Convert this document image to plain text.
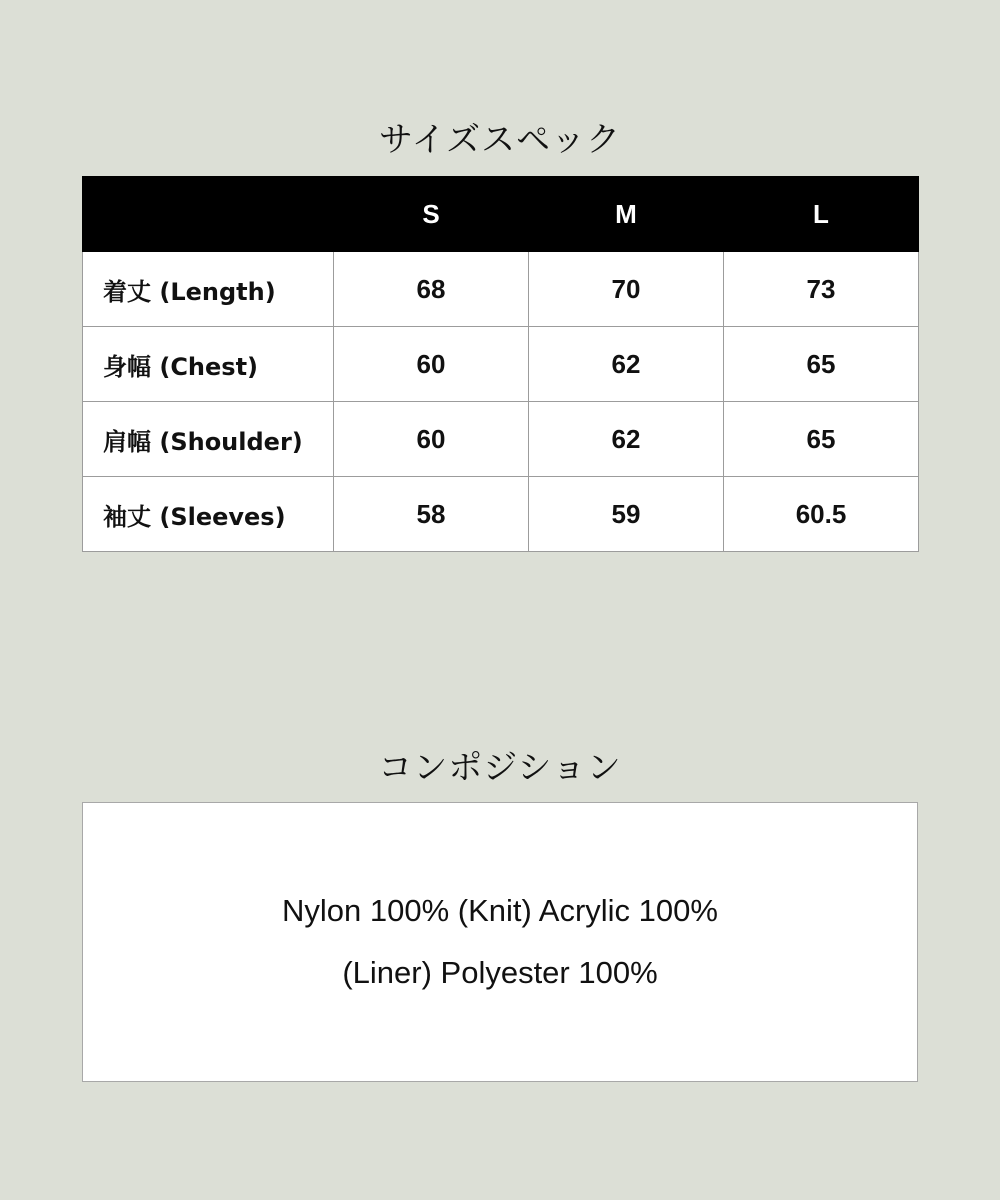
サイズスペック
	S	M	L
着丈 (Length)	68	70	73
身幅 (Chest)	60	62	65
肩幅 (Shoulder)	60	62	65
袖丈 (Sleeves)	58	59	60.5
コンポジション
Nylon 100% (Knit) Acrylic 100%
(Liner) Polyester 100%
